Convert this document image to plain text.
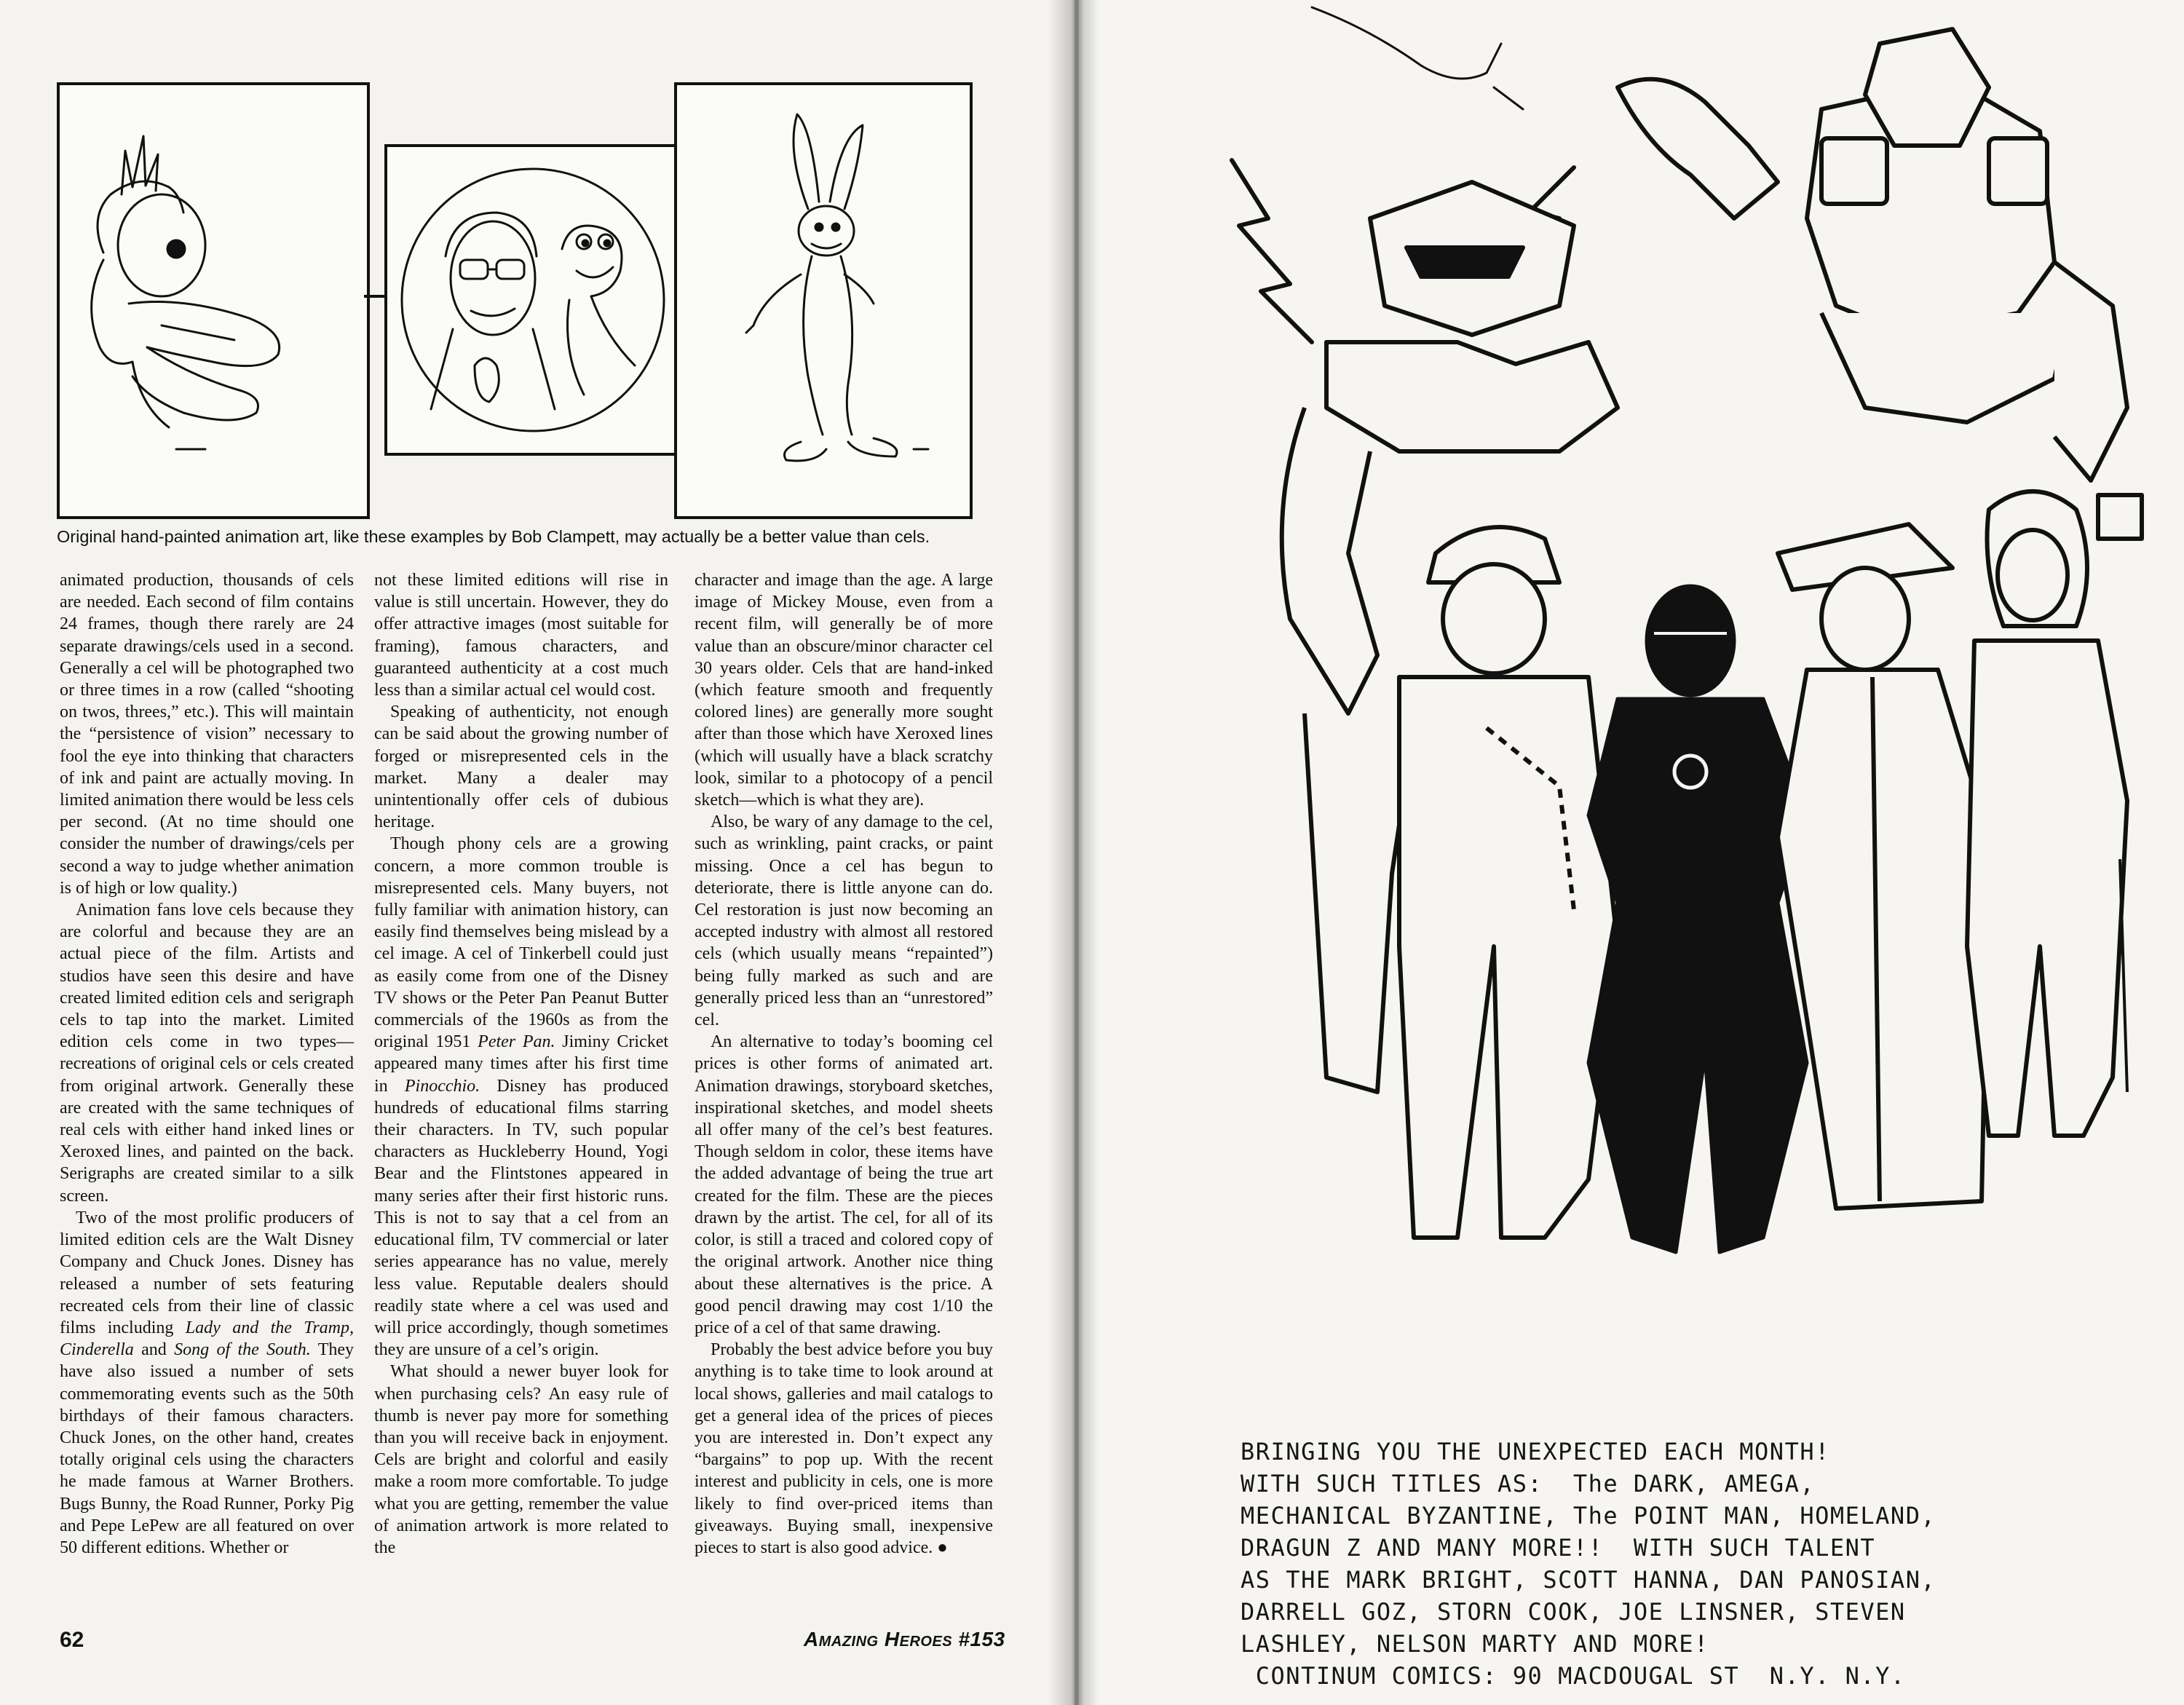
Original hand-painted animation art, like these examples by Bob Clampett, may actually be a better value than cels.

animated production, thousands of cels are needed. Each second of film contains 24 frames, though there rarely are 24 separate drawings/cels used in a second. Generally a cel will be photographed two or three times in a row (called “shooting on twos, threes,” etc.). This will maintain the “persistence of vision” necessary to fool the eye into thinking that characters of ink and paint are actually moving. In limited animation there would be less cels per second. (At no time should one consider the number of drawings/cels per second a way to judge whether animation is of high or low quality.)

Animation fans love cels because they are colorful and because they are an actual piece of the film. Artists and studios have seen this desire and have created limited edition cels and serigraph cels to tap into the market. Limited edition cels come in two types—recreations of original cels or cels created from original artwork. Generally these are created with the same techniques of real cels with either hand inked lines or Xeroxed lines, and painted on the back. Serigraphs are created similar to a silk screen.

Two of the most prolific producers of limited edition cels are the Walt Disney Company and Chuck Jones. Disney has released a number of sets featuring recreated cels from their line of classic films including Lady and the Tramp, Cinderella and Song of the South. They have also issued a number of sets commemorating events such as the 50th birthdays of their famous characters. Chuck Jones, on the other hand, creates totally original cels using the characters he made famous at Warner Brothers. Bugs Bunny, the Road Runner, Porky Pig and Pepe LePew are all featured on over 50 different editions. Whether or

not these limited editions will rise in value is still uncertain. However, they do offer attractive images (most suitable for framing), famous characters, and guaranteed authenticity at a cost much less than a similar actual cel would cost.

Speaking of authenticity, not enough can be said about the growing number of forged or misrepresented cels in the market. Many a dealer may unintentionally offer cels of dubious heritage.

Though phony cels are a growing concern, a more common trouble is misrepresented cels. Many buyers, not fully familiar with animation history, can easily find themselves being mislead by a cel image. A cel of Tinkerbell could just as easily come from one of the Disney TV shows or the Peter Pan Peanut Butter commercials of the 1960s as from the original 1951 Peter Pan. Jiminy Cricket appeared many times after his first time in Pinocchio. Disney has produced hundreds of educational films starring their characters. In TV, such popular characters as Huckleberry Hound, Yogi Bear and the Flintstones appeared in many series after their first historic runs. This is not to say that a cel from an educational film, TV commercial or later series appearance has no value, merely less value. Reputable dealers should readily state where a cel was used and will price accordingly, though sometimes they are unsure of a cel’s origin.

What should a newer buyer look for when purchasing cels? An easy rule of thumb is never pay more for something than you will receive back in enjoyment. Cels are bright and colorful and easily make a room more comfortable. To judge what you are getting, remember the value of animation artwork is more related to the

character and image than the age. A large image of Mickey Mouse, even from a recent film, will generally be of more value than an obscure/minor character cel 30 years older. Cels that are hand-inked (which feature smooth and frequently colored lines) are generally more sought after than those which have Xeroxed lines (which will usually have a black scratchy look, similar to a photocopy of a pencil sketch—which is what they are).

Also, be wary of any damage to the cel, such as wrinkling, paint cracks, or paint missing. Once a cel has begun to deteriorate, there is little anyone can do. Cel restoration is just now becoming an accepted industry with almost all restored cels (which usually means “repainted”) being fully marked as such and are generally priced less than an “unrestored” cel.

An alternative to today’s booming cel prices is other forms of animated art. Animation drawings, storyboard sketches, inspirational sketches, and model sheets all offer many of the cel’s best features. Though seldom in color, these items have the added advantage of being the true art created for the film. These are the pieces drawn by the artist. The cel, for all of its color, is still a traced and colored copy of the original artwork. Another nice thing about these alternatives is the price. A good pencil drawing may cost 1/10 the price of a cel of that same drawing.

Probably the best advice before you buy anything is to take time to look around at local shows, galleries and mail catalogs to get a general idea of the prices of pieces you are interested in. Don’t expect any “bargains” to pop up. With the recent interest and publicity in cels, one is more likely to find over-priced items than giveaways. Buying small, inexpensive pieces to start is also good advice. ●

62	Amazing Heroes #153
BRINGING YOU THE UNEXPECTED EACH MONTH!
WITH SUCH TITLES AS:  The DARK, AMEGA,
MECHANICAL BYZANTINE, The POINT MAN, HOMELAND,
DRAGUN Z AND MANY MORE!!  WITH SUCH TALENT
AS THE MARK BRIGHT, SCOTT HANNA, DAN PANOSIAN,
DARRELL GOZ, STORN COOK, JOE LINSNER, STEVEN
LASHLEY, NELSON MARTY AND MORE!
CONTINUM COMICS: 90 MACDOUGAL ST  N.Y. N.Y.
